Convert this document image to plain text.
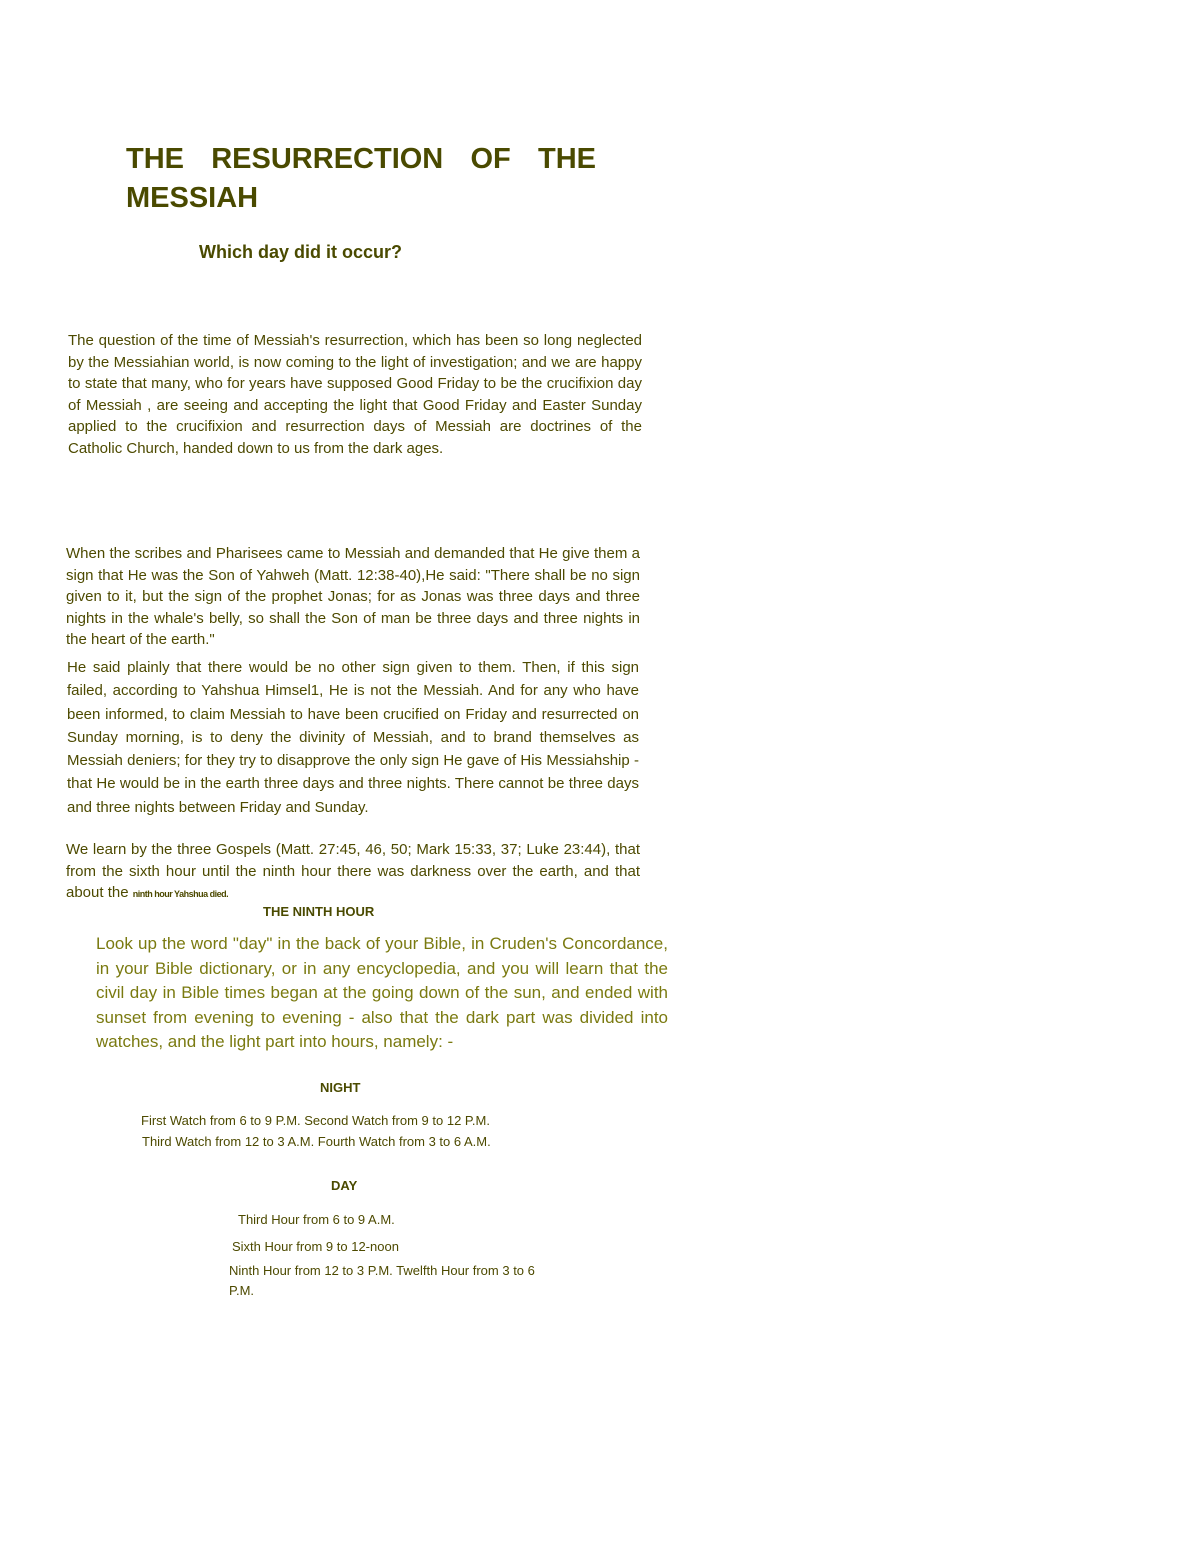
THE RESURRECTION OF THE MESSIAH
Which day did it occur?

The question of the time of Messiah's resurrection, which has been so long neglected by the Messiahian world, is now coming to the light of investigation; and we are happy to state that many, who for years have supposed Good Friday to be the crucifixion day of Messiah , are seeing and accepting the light that Good Friday and Easter Sunday applied to the crucifixion and resurrection days of Messiah are doctrines of the Catholic Church, handed down to us from the dark ages.

When the scribes and Pharisees came to Messiah and demanded that He give them a sign that He was the Son of Yahweh (Matt. 12:38-40),He said: "There shall be no sign given to it, but the sign of the prophet Jonas; for as Jonas was three days and three nights in the whale's belly, so shall the Son of man be three days and three nights in the heart of the earth."

He said plainly that there would be no other sign given to them. Then, if this sign failed, according to Yahshua Himsel1, He is not the Messiah. And for any who have been informed, to claim Messiah to have been crucified on Friday and resurrected on Sunday morning, is to deny the divinity of Messiah, and to brand themselves as Messiah deniers; for they try to disapprove the only sign He gave of His Messiahship - that He would be in the earth three days and three nights. There cannot be three days and three nights between Friday and Sunday.

We learn by the three Gospels (Matt. 27:45, 46, 50; Mark 15:33, 37; Luke 23:44), that from the sixth hour until the ninth hour there was darkness over the earth, and that about the ninth hour Yahshua died.

THE NINTH HOUR

Look up the word "day" in the back of your Bible, in Cruden's Concordance, in your Bible dictionary, or in any encyclopedia, and you will learn that the civil day in Bible times began at the going down of the sun, and ended with sunset from evening to evening - also that the dark part was divided into watches, and the light part into hours, namely: -

NIGHT

First Watch from 6 to 9 P.M. Second Watch from 9 to 12 P.M.

Third Watch from 12 to 3 A.M. Fourth Watch from 3 to 6 A.M.

DAY

Third Hour from 6 to 9 A.M.

Sixth Hour from 9 to 12-noon

Ninth Hour from 12 to 3 P.M. Twelfth Hour from 3 to 6 P.M.
